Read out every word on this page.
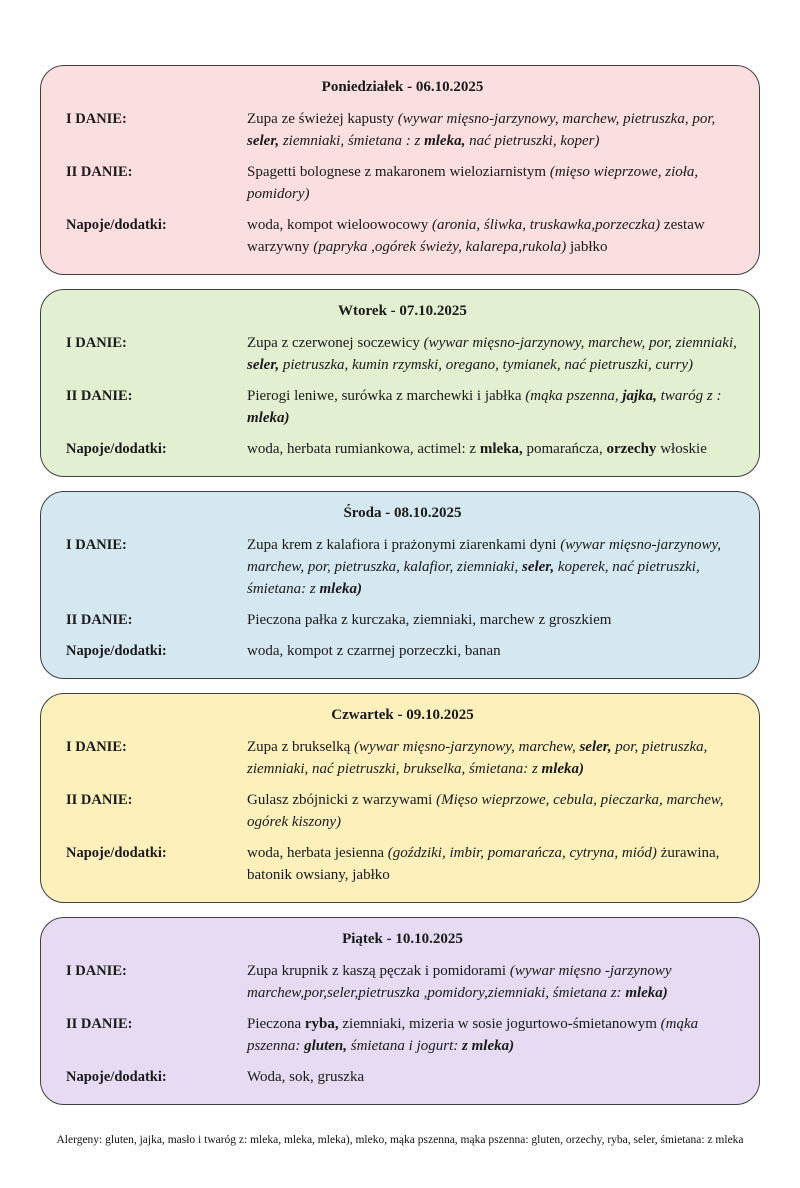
Poniedziałek - 06.10.2025
I DANIE:	Zupa ze świeżej kapusty (wywar mięsno-jarzynowy, marchew, pietruszka, por, seler, ziemniaki, śmietana : z mleka, nać pietruszki, koper)
II DANIE:	Spagetti bolognese z makaronem wieloziarnistym (mięso wieprzowe, zioła, pomidory)
Napoje/dodatki:	woda, kompot wieloowocowy (aronia, śliwka, truskawka,porzeczka) zestaw warzywny (papryka ,ogórek świeży, kalarepa,rukola) jabłko
Wtorek - 07.10.2025
I DANIE:	Zupa z czerwonej soczewicy (wywar mięsno-jarzynowy, marchew, por, ziemniaki, seler, pietruszka, kumin rzymski, oregano, tymianek, nać pietruszki, curry)
II DANIE:	Pierogi leniwe, surówka z marchewki i jabłka (mąka pszenna, jajka, twaróg z : mleka)
Napoje/dodatki:	woda, herbata rumiankowa, actimel: z mleka, pomarańcza, orzechy włoskie
Środa - 08.10.2025
I DANIE:	Zupa krem z kalafiora i prażonymi ziarenkami dyni (wywar mięsno-jarzynowy, marchew, por, pietruszka, kalafior, ziemniaki, seler, koperek, nać pietruszki, śmietana: z mleka)
II DANIE:	Pieczona pałka z kurczaka, ziemniaki, marchew z groszkiem
Napoje/dodatki:	woda, kompot z czarrnej porzeczki, banan
Czwartek - 09.10.2025
I DANIE:	Zupa z brukselką (wywar mięsno-jarzynowy, marchew, seler, por, pietruszka, ziemniaki, nać pietruszki, brukselka, śmietana: z mleka)
II DANIE:	Gulasz zbójnicki z warzywami (Mięso wieprzowe, cebula, pieczarka, marchew, ogórek kiszony)
Napoje/dodatki:	woda, herbata jesienna (goździki, imbir, pomarańcza, cytryna, miód) żurawina, batonik owsiany, jabłko
Piątek - 10.10.2025
I DANIE:	Zupa krupnik z kaszą pęczak i pomidorami (wywar mięsno -jarzynowy marchew,por,seler,pietruszka ,pomidory,ziemniaki, śmietana z: mleka)
II DANIE:	Pieczona ryba, ziemniaki, mizeria w sosie jogurtowo-śmietanowym (mąka pszenna: gluten, śmietana i jogurt: z mleka)
Napoje/dodatki:	Woda, sok, gruszka
Alergeny: gluten, jajka, masło i twaróg z: mleka, mleka, mleka), mleko, mąka pszenna, mąka pszenna: gluten, orzechy, ryba, seler, śmietana: z mleka
